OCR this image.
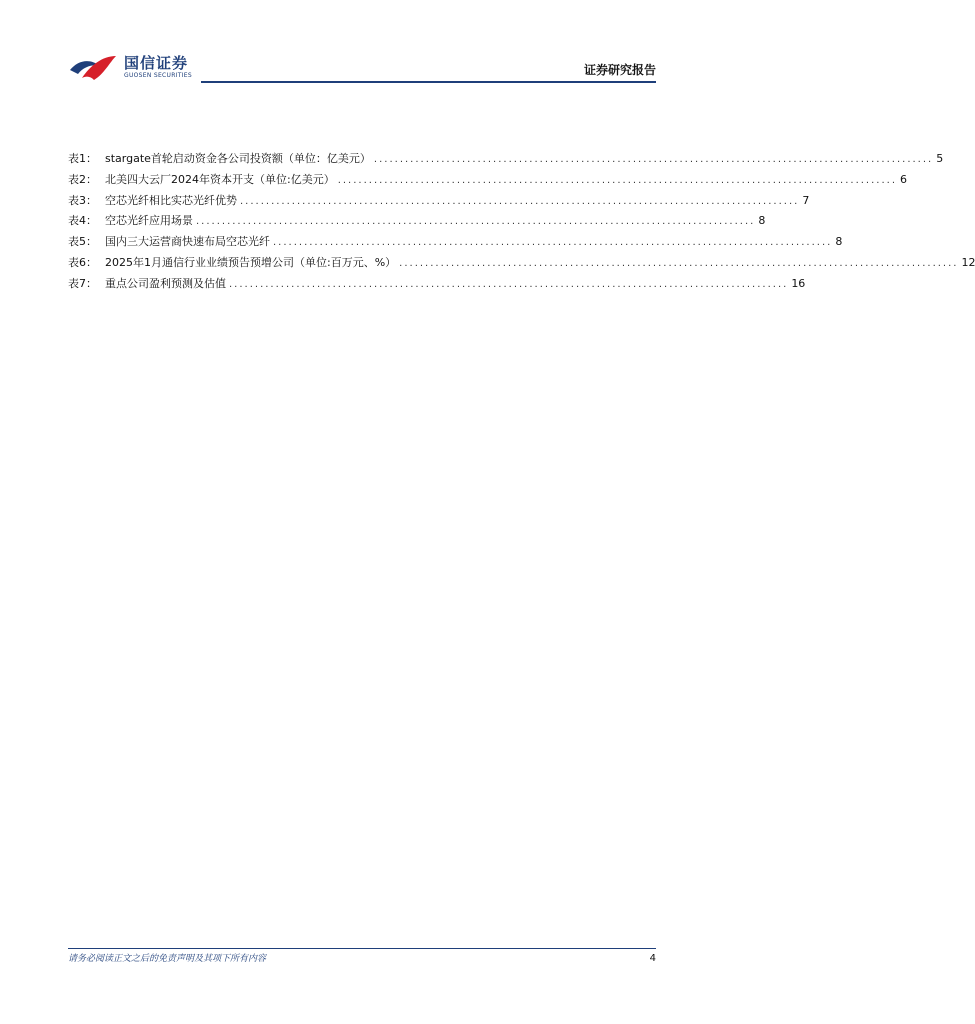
国信证券
GUOSEN SECURITIES	证券研究报告
表1： stargate首轮启动资金各公司投资额（单位：亿美元） ............................................................................................................ 5
表2： 北美四大云厂2024年资本开支（单位:亿美元） ............................................................................................................ 6
表3： 空芯光纤相比实芯光纤优势 ............................................................................................................ 7
表4： 空芯光纤应用场景 ............................................................................................................ 8
表5： 国内三大运营商快速布局空芯光纤 ............................................................................................................ 8
表6： 2025年1月通信行业业绩预告预增公司（单位:百万元、%） ............................................................................................................ 12
表7： 重点公司盈利预测及估值 ............................................................................................................ 16
请务必阅读正文之后的免责声明及其项下所有内容	4
